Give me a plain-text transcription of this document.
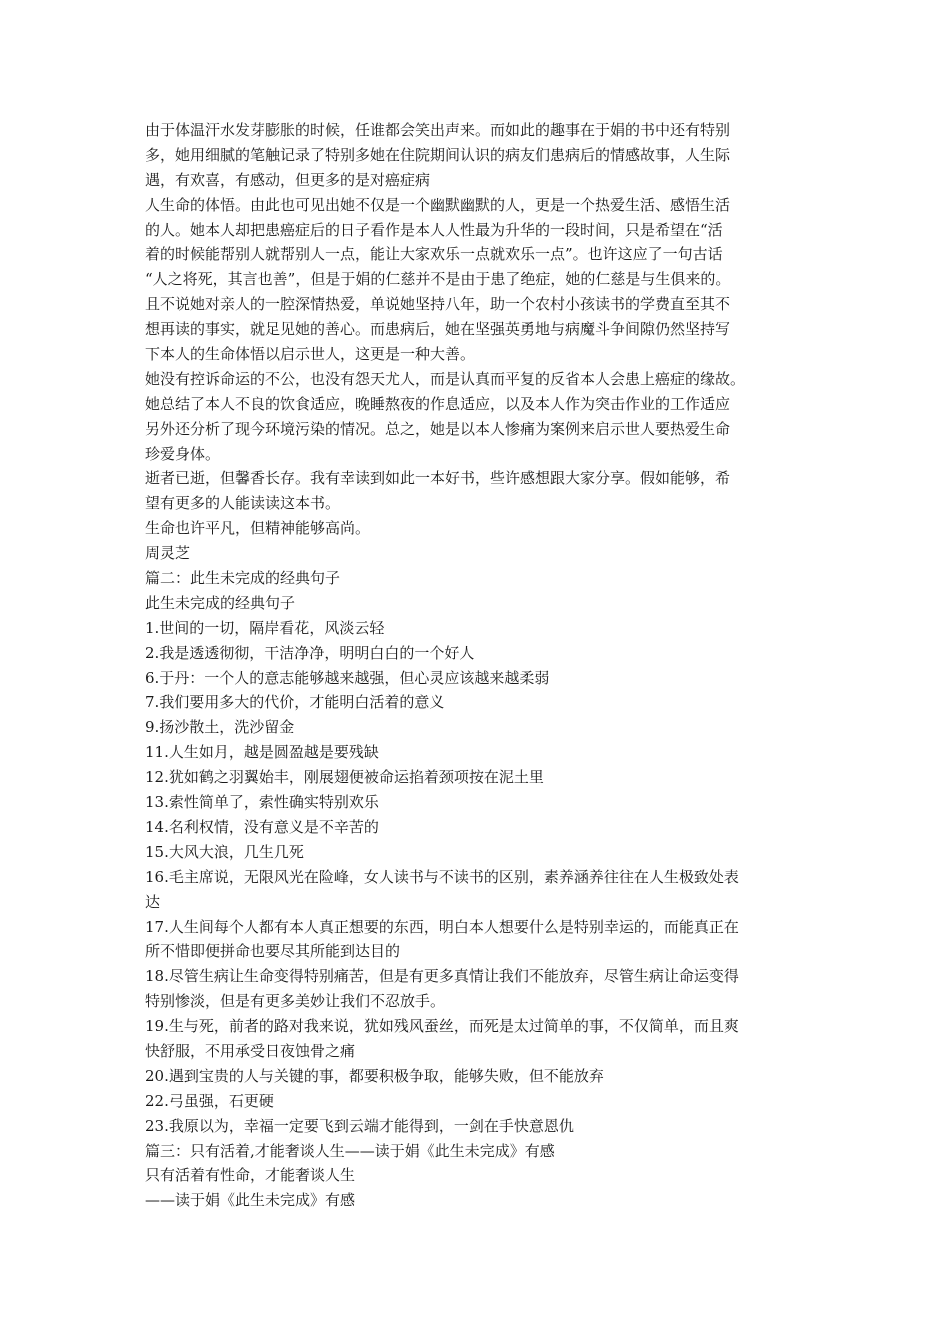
由于体温汗水发芽膨胀的时候，任谁都会笑出声来。而如此的趣事在于娟的书中还有特别
多，她用细腻的笔触记录了特别多她在住院期间认识的病友们患病后的情感故事，人生际
遇，有欢喜，有感动，但更多的是对癌症病
人生命的体悟。由此也可见出她不仅是一个幽默幽默的人，更是一个热爱生活、感悟生活
的人。她本人却把患癌症后的日子看作是本人人性最为升华的一段时间，只是希望在“活
着的时候能帮别人就帮别人一点，能让大家欢乐一点就欢乐一点”。也许这应了一句古话
“人之将死，其言也善”，但是于娟的仁慈并不是由于患了绝症，她的仁慈是与生俱来的。
且不说她对亲人的一腔深情热爱，单说她坚持八年，助一个农村小孩读书的学费直至其不
想再读的事实，就足见她的善心。而患病后，她在坚强英勇地与病魔斗争间隙仍然坚持写
下本人的生命体悟以启示世人，这更是一种大善。
她没有控诉命运的不公，也没有怨天尤人，而是认真而平复的反省本人会患上癌症的缘故。
她总结了本人不良的饮食适应，晚睡熬夜的作息适应，以及本人作为突击作业的工作适应
另外还分析了现今环境污染的情况。总之，她是以本人惨痛为案例来启示世人要热爱生命
珍爱身体。
逝者已逝，但馨香长存。我有幸读到如此一本好书，些许感想跟大家分享。假如能够，希
望有更多的人能读读这本书。
生命也许平凡，但精神能够高尚。
周灵芝
篇二：此生未完成的经典句子
此生未完成的经典句子
1.世间的一切，隔岸看花，风淡云轻
2.我是透透彻彻，干洁净净，明明白白的一个好人
6.于丹：一个人的意志能够越来越强，但心灵应该越来越柔弱
7.我们要用多大的代价，才能明白活着的意义
9.扬沙散土，洗沙留金
11.人生如月，越是圆盈越是要残缺
12.犹如鹤之羽翼始丰，刚展翅便被命运掐着颈项按在泥土里
13.索性简单了，索性确实特别欢乐
14.名利权情，没有意义是不辛苦的
15.大风大浪，几生几死
16.毛主席说，无限风光在险峰，女人读书与不读书的区别，素养涵养往往在人生极致处表
达
17.人生间每个人都有本人真正想要的东西，明白本人想要什么是特别幸运的，而能真正在
所不惜即便拼命也要尽其所能到达目的
18.尽管生病让生命变得特别痛苦，但是有更多真情让我们不能放弃，尽管生病让命运变得
特别惨淡，但是有更多美妙让我们不忍放手。
19.生与死，前者的路对我来说，犹如残风蚕丝，而死是太过简单的事，不仅简单，而且爽
快舒服，不用承受日夜蚀骨之痛
20.遇到宝贵的人与关键的事，都要积极争取，能够失败，但不能放弃
22.弓虽强，石更硬
23.我原以为，幸福一定要飞到云端才能得到，一剑在手快意恩仇
篇三：只有活着,才能奢谈人生——读于娟《此生未完成》有感
只有活着有性命，才能奢谈人生
——读于娟《此生未完成》有感
